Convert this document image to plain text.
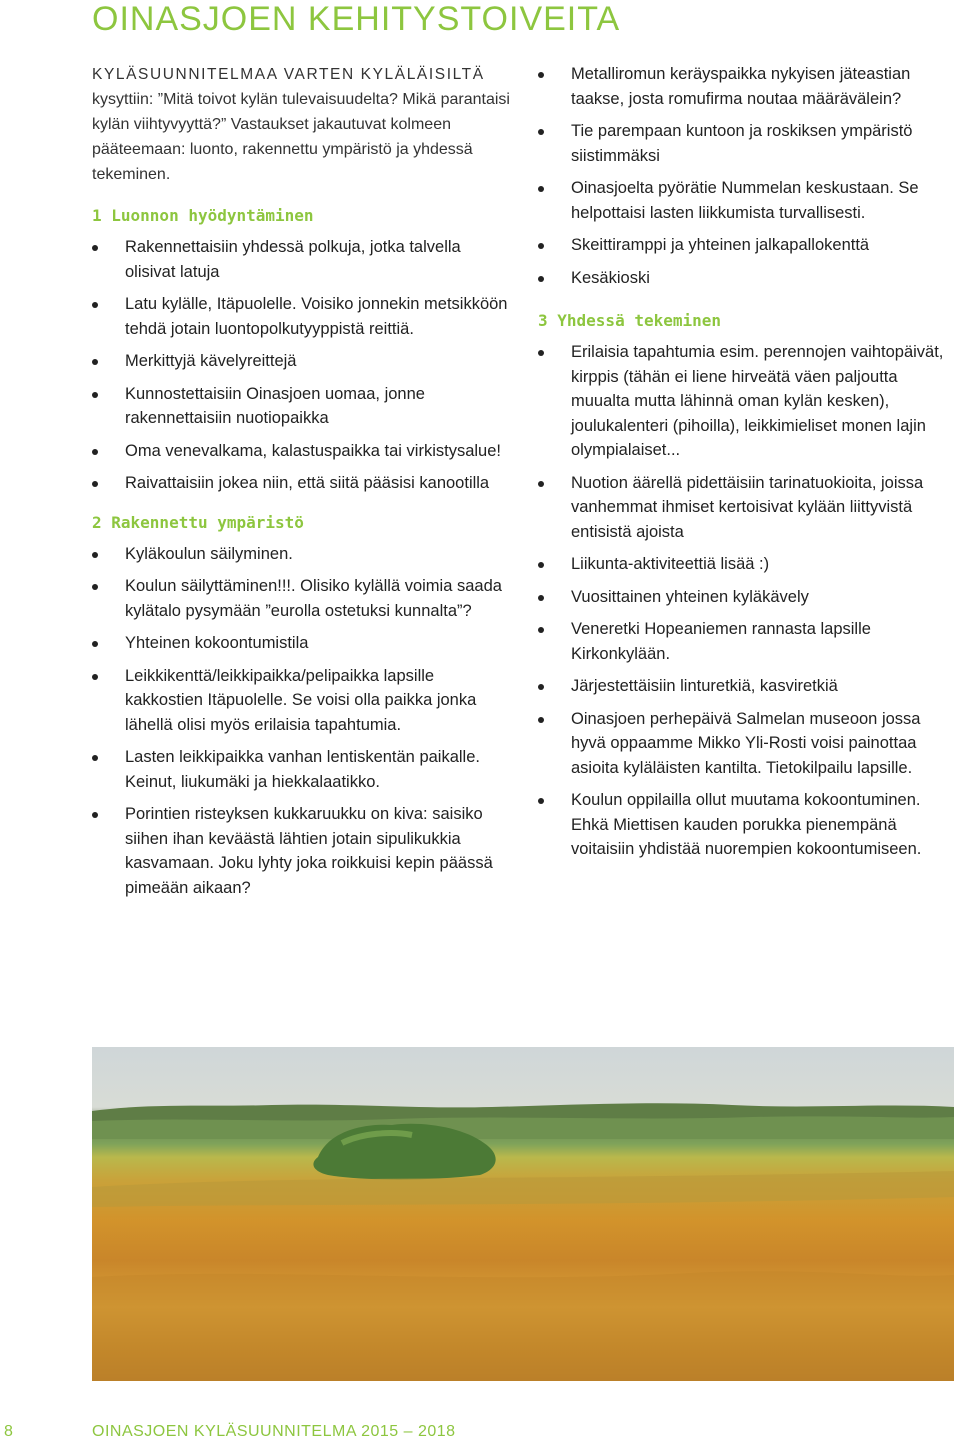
OINASJOEN KEHITYSTOIVEITA

KYLÄSUUNNITELMAA VARTEN KYLÄLÄISILTÄ kysyttiin: ”Mitä toivot kylän tulevaisuudelta? Mikä parantaisi kylän viihtyvyyttä?” Vastaukset jakautuvat kolmeen pääteemaan: luonto, rakennettu ympäristö ja yhdessä tekeminen.

1 Luonnon hyödyntäminen
Rakennettaisiin yhdessä polkuja, jotka talvella olisivat latuja
Latu kylälle, Itäpuolelle. Voisiko jonnekin metsikköön tehdä jotain luontopolkutyyppistä reittiä.
Merkittyjä kävelyreittejä
Kunnostettaisiin Oinasjoen uomaa, jonne rakennettaisiin nuotiopaikka
Oma venevalkama, kalastuspaikka tai virkistysalue!
Raivattaisiin jokea niin, että siitä pääsisi kanootilla
2 Rakennettu ympäristö
Kyläkoulun säilyminen.
Koulun säilyttäminen!!!. Olisiko kylällä voimia saada kylätalo pysymään ”eurolla ostetuksi kunnalta”?
Yhteinen kokoontumistila
Leikkikenttä/leikkipaikka/pelipaikka lapsille kakkostien Itäpuolelle. Se voisi olla paikka jonka lähellä olisi myös erilaisia tapahtumia.
Lasten leikkipaikka vanhan lentiskentän paikalle. Keinut, liukumäki ja hiekkalaatikko.
Porintien risteyksen kukkaruukku on kiva: saisiko siihen ihan keväästä lähtien jotain sipulikukkia kasvamaan. Joku lyhty joka roikkuisi kepin päässä pimeään aikaan?
Metalliromun keräyspaikka nykyisen jäteastian taakse, josta romufirma noutaa määrävälein?
Tie parempaan kuntoon ja roskiksen ympäristö siistimmäksi
Oinasjoelta pyörätie Nummelan keskustaan. Se helpottaisi lasten liikkumista turvallisesti.
Skeittiramppi ja yhteinen jalkapallokenttä
Kesäkioski
3 Yhdessä tekeminen
Erilaisia tapahtumia esim. perennojen vaihtopäivät, kirppis (tähän ei liene hirveätä väen paljoutta muualta mutta lähinnä oman kylän kesken), joulukalenteri (pihoilla), leikkimieliset monen lajin olympialaiset...
Nuotion äärellä pidettäisiin tarinatuokioita, joissa vanhemmat ihmiset kertoisivat kylään liittyvistä entisistä ajoista
Liikunta-aktiviteettiä lisää :)
Vuosittainen yhteinen kyläkävely
Veneretki Hopeaniemen rannasta lapsille Kirkonkylään.
Järjestettäisiin linturetkiä, kasviretkiä
Oinasjoen perhepäivä Salmelan museoon jossa hyvä oppaamme Mikko Yli-Rosti voisi painottaa asioita kyläläisten kantilta. Tietokilpailu lapsille.
Koulun oppilailla ollut muutama kokoontuminen. Ehkä Miettisen kauden porukka pienempänä voitaisiin yhdistää nuorempien kokoontumiseen.
8	OINASJOEN KYLÄSUUNNITELMA 2015 – 2018
